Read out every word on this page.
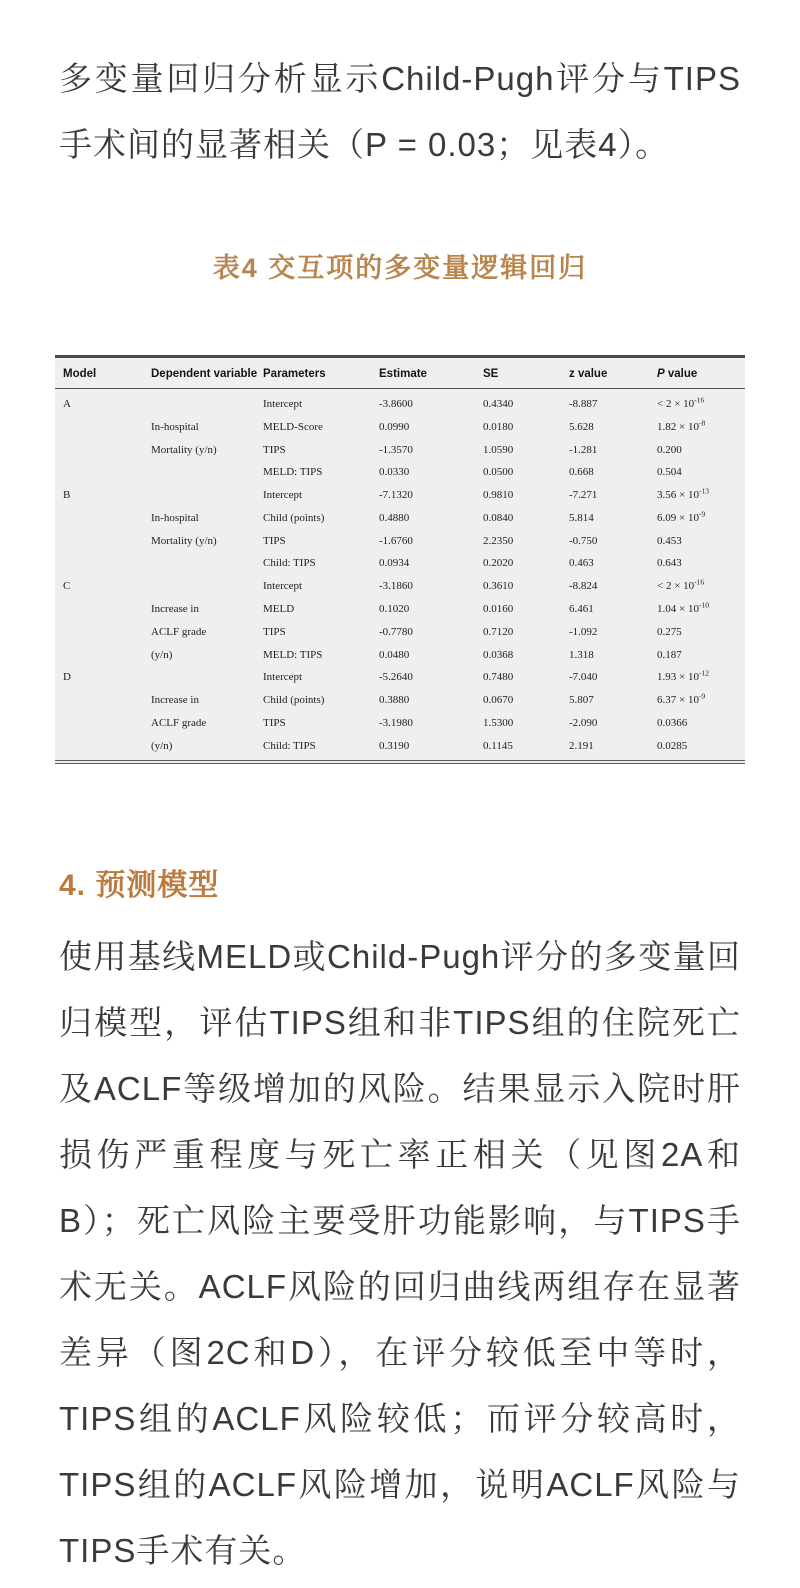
多变量回归分析显示Child-Pugh评分与TIPS手术间的显著相关（P = 0.03；见表4）。

表4 交互项的多变量逻辑回归
Model	Dependent variable	Parameters	Estimate	SE	z value	P value
A		Intercept	-3.8600	0.4340	-8.887	< $2 \times 10^{-16}$
	In-hospital	MELD-Score	0.0990	0.0180	5.628	$1.82 \times 10^{-8}$
	Mortality (y/n)	TIPS	-1.3570	1.0590	-1.281	0.200
		MELD: TIPS	0.0330	0.0500	0.668	0.504
B		Intercept	-7.1320	0.9810	-7.271	$3.56 \times 10^{-13}$
	In-hospital	Child (points)	0.4880	0.0840	5.814	$6.09 \times 10^{-9}$
	Mortality (y/n)	TIPS	-1.6760	2.2350	-0.750	0.453
		Child: TIPS	0.0934	0.2020	0.463	0.643
C		Intercept	-3.1860	0.3610	-8.824	< $2 \times 10^{-16}$
	Increase in	MELD	0.1020	0.0160	6.461	$1.04 \times 10^{-10}$
	ACLF grade	TIPS	-0.7780	0.7120	-1.092	0.275
	(y/n)	MELD: TIPS	0.0480	0.0368	1.318	0.187
D		Intercept	-5.2640	0.7480	-7.040	$1.93 \times 10^{-12}$
	Increase in	Child (points)	0.3880	0.0670	5.807	$6.37 \times 10^{-9}$
	ACLF grade	TIPS	-3.1980	1.5300	-2.090	0.0366
	(y/n)	Child: TIPS	0.3190	0.1145	2.191	0.0285
4. 预测模型

使用基线MELD或Child-Pugh评分的多变量回归模型，评估TIPS组和非TIPS组的住院死亡及ACLF等级增加的风险。结果显示入院时肝损伤严重程度与死亡率正相关（见图2A和B）；死亡风险主要受肝功能影响，与TIPS手术无关。ACLF风险的回归曲线两组存在显著差异（图2C和D），在评分较低至中等时，TIPS组的ACLF风险较低；而评分较高时，TIPS组的ACLF风险增加，说明ACLF风险与TIPS手术有关。
